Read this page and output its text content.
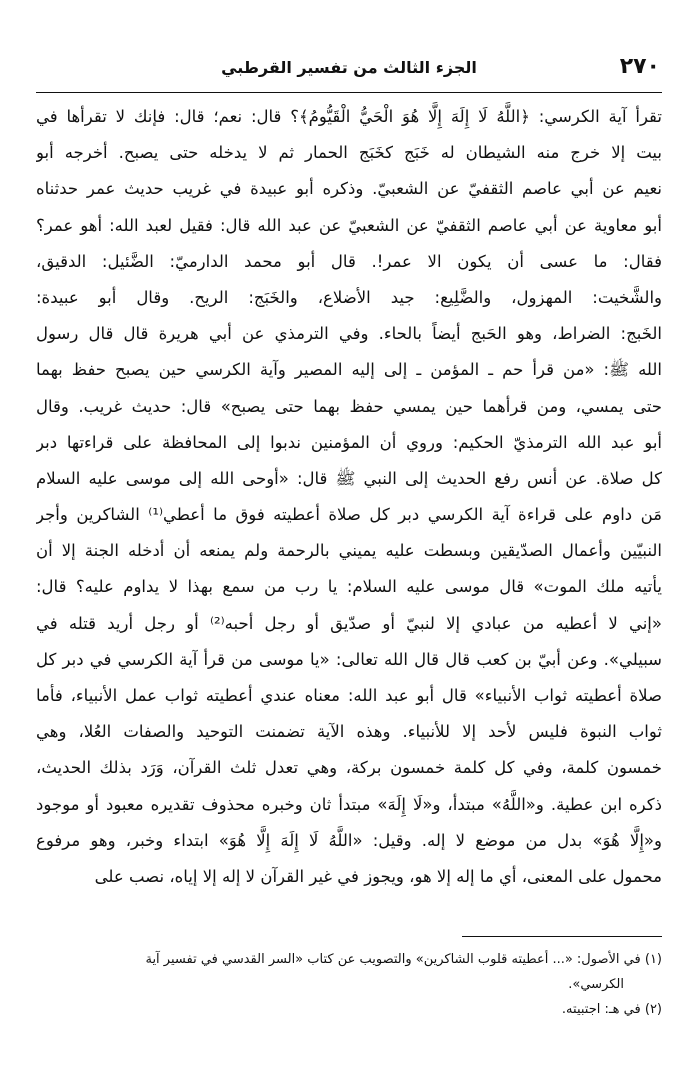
٢٧٠
الجزء الثالث من تفسير القرطبي
تقرأ آية الكرسي: ﴿اللَّهُ لَا إِلَهَ إِلَّا هُوَ الْحَيُّ الْقَيُّومُ﴾؟ قال: نعم؛ قال: فإنك لا تقرأها في
بيت إلا خرج منه الشيطان له خَبَج كخَبَج الحمار ثم لا يدخله حتى يصبح. أخرجه أبو
نعيم عن أبي عاصم الثقفيّ عن الشعبيّ. وذكره أبو عبيدة في غريب حديث عمر حدثناه
أبو معاوية عن أبي عاصم الثقفيّ عن الشعبيّ عن عبد الله قال: فقيل لعبد الله: أهو عمر؟
فقال: ما عسى أن يكون الا عمر!. قال أبو محمد الدارميّ: الضَّئيل: الدقيق،
والشَّخيت: المهزول، والضَّلِيع: جيد الأضلاع، والخَبَج: الريح. وقال أبو عبيدة:
الخَبج: الضراط، وهو الحَبج أيضاً بالحاء. وفي الترمذي عن أبي هريرة قال قال رسول
الله ﷺ: «من قرأ حم ـ المؤمن ـ إلى إليه المصير وآية الكرسي حين يصبح حفظ بهما
حتى يمسي، ومن قرأهما حين يمسي حفظ بهما حتى يصبح» قال: حديث غريب. وقال
أبو عبد الله الترمذيّ الحكيم: وروي أن المؤمنين ندبوا إلى المحافظة على قراءتها دبر
كل صلاة. عن أنس رفع الحديث إلى النبي ﷺ قال: «أوحى الله إلى موسى عليه السلام
مَن داوم على قراءة آية الكرسي دبر كل صلاة أعطيته فوق ما أعطي⁽¹⁾ الشاكرين وأجر
النبيّين وأعمال الصدّيقين وبسطت عليه يميني بالرحمة ولم يمنعه أن أدخله الجنة إلا أن
يأتيه ملك الموت» قال موسى عليه السلام: يا رب من سمع بهذا لا يداوم عليه؟ قال:
«إني لا أعطيه من عبادي إلا لنبيّ أو صدّيق أو رجل أحبه⁽²⁾ أو رجل أريد قتله في
سبيلي». وعن أبيّ بن كعب قال قال الله تعالى: «يا موسى من قرأ آية الكرسي في دبر كل
صلاة أعطيته ثواب الأنبياء» قال أبو عبد الله: معناه عندي أعطيته ثواب عمل الأنبياء، فأما
ثواب النبوة فليس لأحد إلا للأنبياء. وهذه الآية تضمنت التوحيد والصفات العُلا، وهي
خمسون كلمة، وفي كل كلمة خمسون بركة، وهي تعدل ثلث القرآن، وَرَد بذلك الحديث،
ذكره ابن عطية. و«اللَّهُ» مبتدأ، و«لَا إِلَهَ» مبتدأ ثان وخبره محذوف تقديره معبود أو موجود
و«إِلَّا هُوَ» بدل من موضع لا إله. وقيل: «اللَّهُ لَا إِلَهَ إِلَّا هُوَ» ابتداء وخبر، وهو مرفوع
محمول على المعنى، أي ما إله إلا هو، ويجوز في غير القرآن لا إله إلا إياه، نصب على
(١) في الأصول: «... أعطيته قلوب الشاكرين» والتصويب عن كتاب «السر القدسي في تفسير آية
الكرسي».
(٢) في هـ: اجتبيته.
